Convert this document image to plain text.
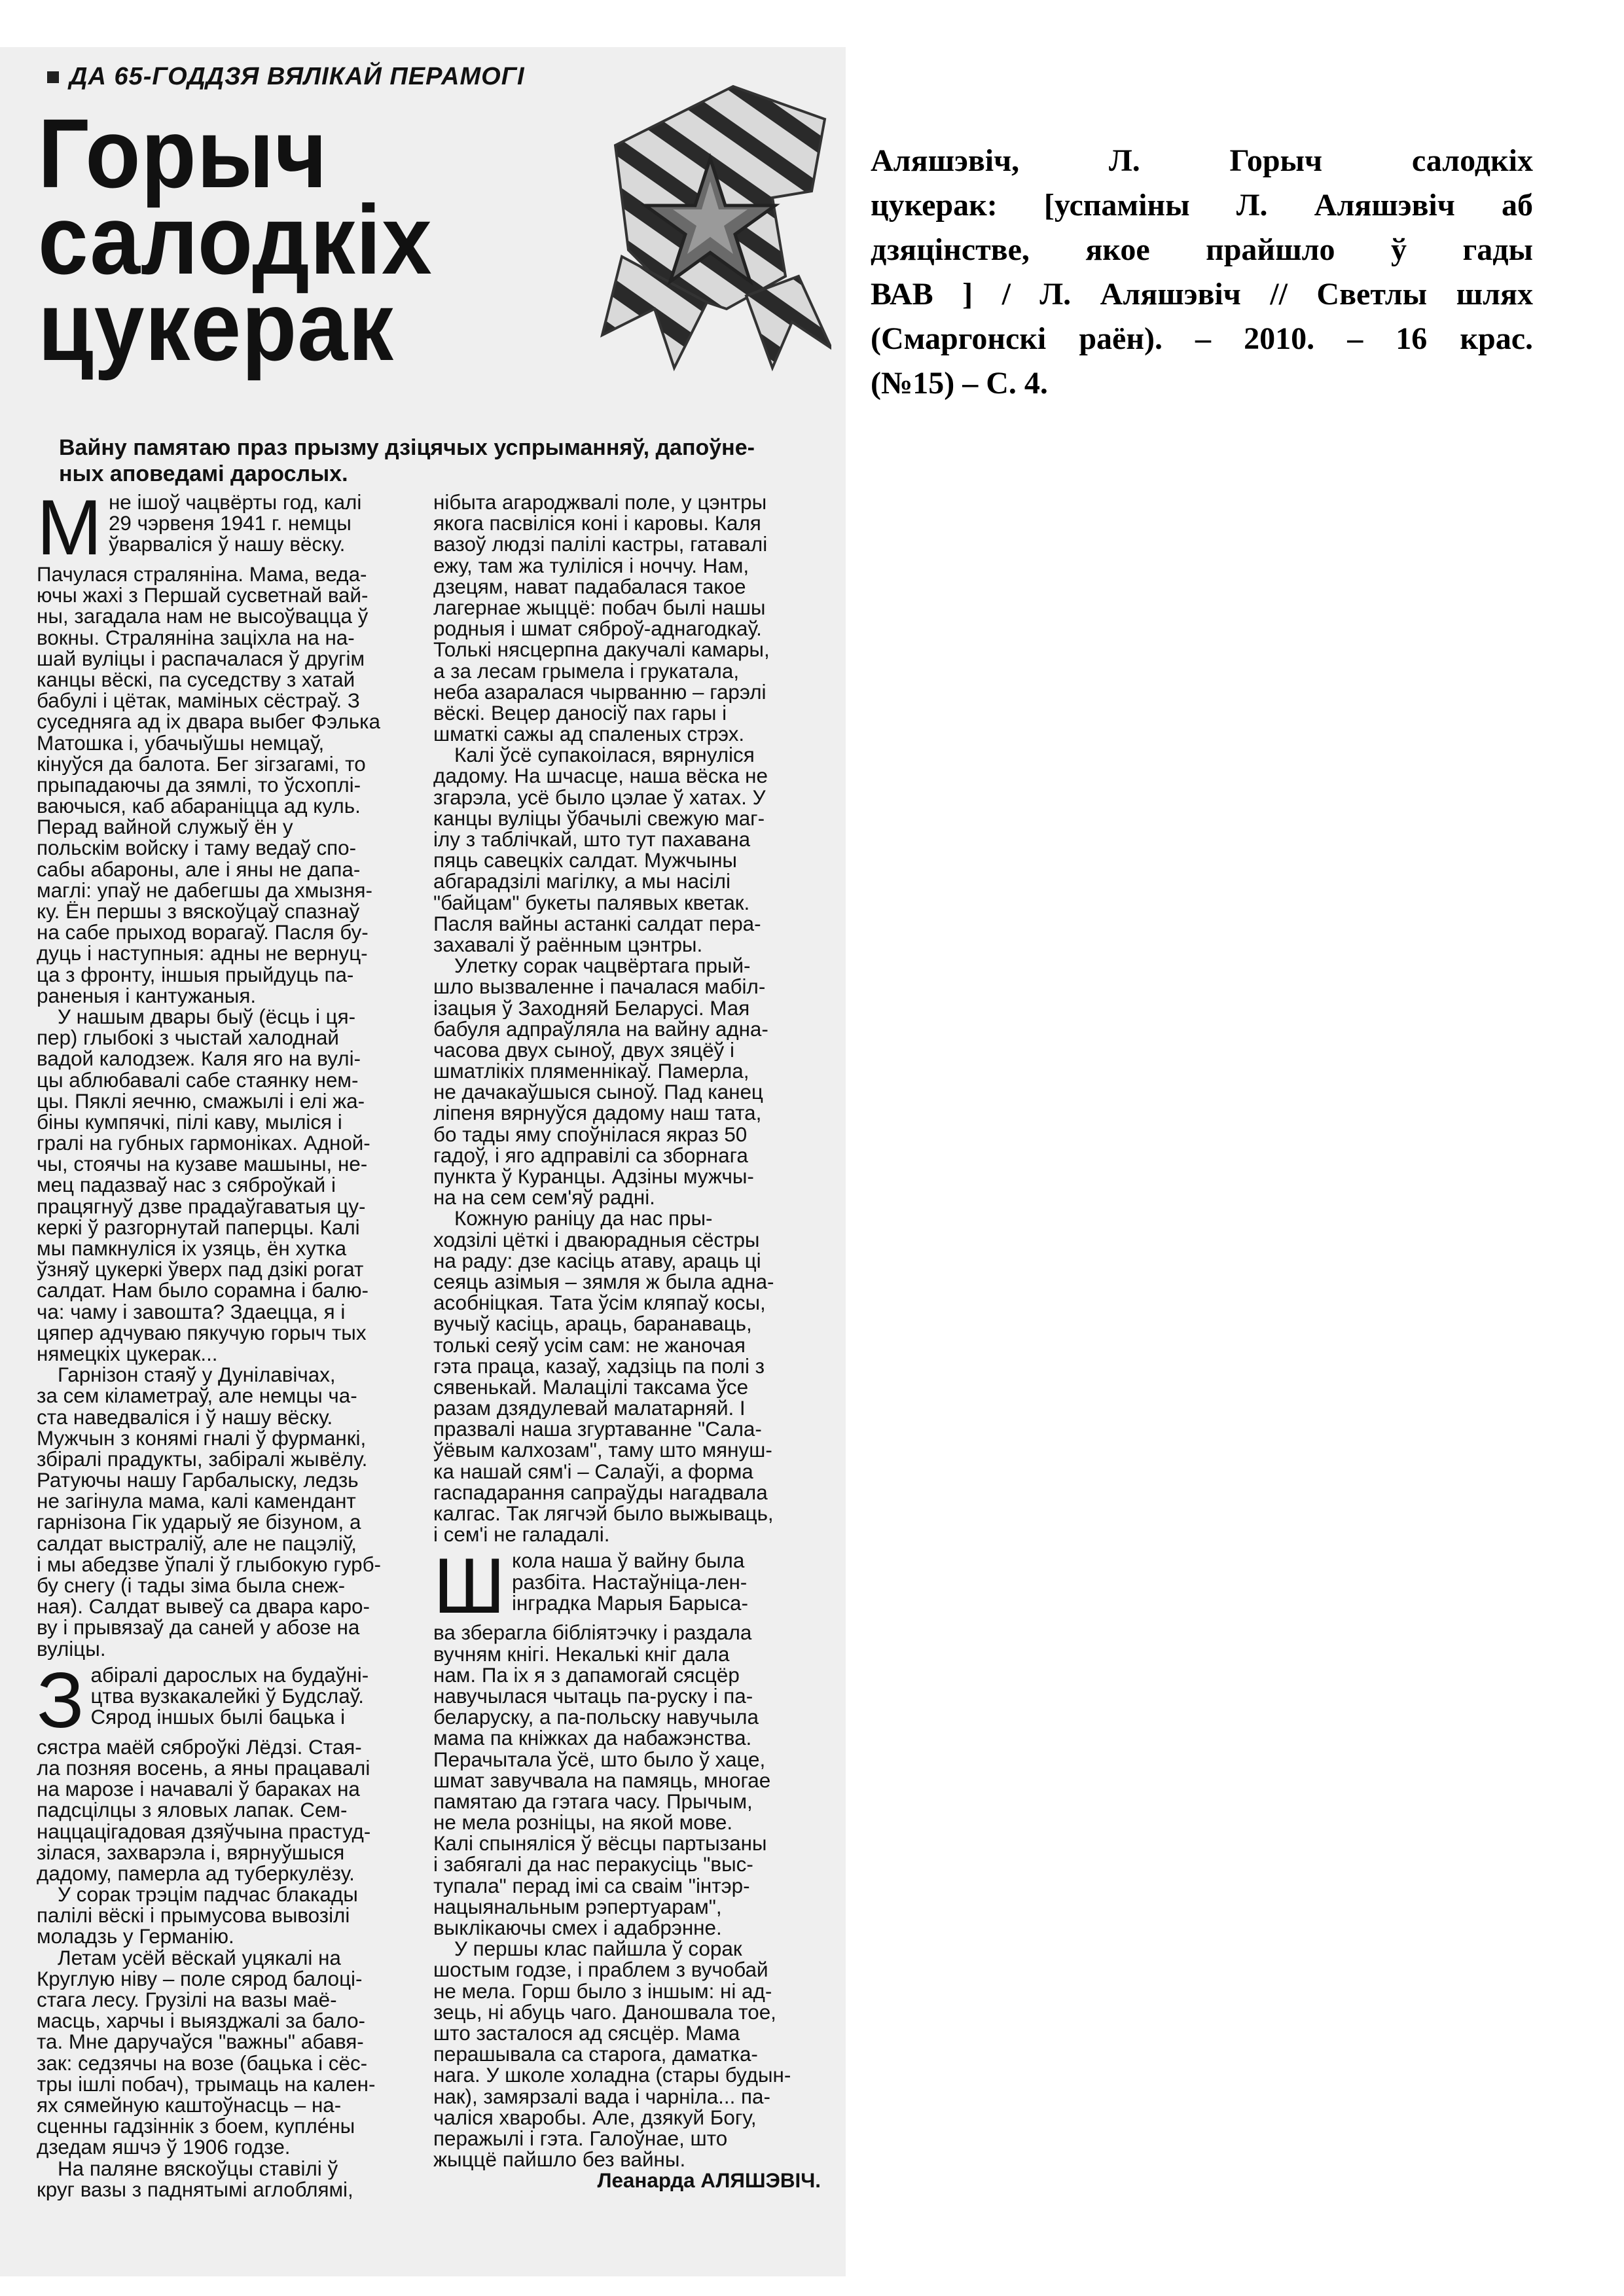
ДА 65-ГОДДЗЯ ВЯЛІКАЙ ПЕРАМОГІ
Горыч
салодкіх
цукерак
Вайну памятаю праз прызму дзіцячых успрыманняў, дапоўне-
ных аповедамі дарослых.
М не ішоў чацвёрты год, калі
29 чэрвеня 1941 г. немцы
ўварваліся ў нашу вёску.
Пачулася страляніна. Мама, веда-
ючы жахі з Першай сусветнай вай-
ны, загадала нам не высоўвацца ў
вокны. Страляніна заціхла на на-
шай вуліцы і распачалася ў другім
канцы вёскі, па суседству з хатай
бабулі і цётак, маміных сёстраў. З
суседняга ад іх двара выбег Фэлька
Матошка і, убачыўшы немцаў,
кінуўся да балота. Бег зігзагамі, то
прыпадаючы да зямлі, то ўсхоплі-
ваючыся, каб абараніцца ад куль.
Перад вайной служыў ён у
польскім войску і таму ведаў спо-
сабы абароны, але і яны не дапа-
маглі: упаў не дабегшы да хмызня-
ку. Ён першы з вяскоўцаў спазнаў
на сабе прыход ворагаў. Пасля бу-
дуць і наступныя: адны не вернуц-
ца з фронту, іншыя прыйдуць па-
раненыя і кантужаныя.
У нашым двары быў (ёсць і ця-
пер) глыбокі з чыстай халоднай
вадой калодзеж. Каля яго на вулі-
цы аблюбавалі сабе стаянку нем-
цы. Пяклі яечню, смажылі і елі жа-
біны кумпячкі, пілі каву, мыліся і
гралі на губных гармоніках. Адной-
чы, стоячы на кузаве машыны, не-
мец падазваў нас з сяброўкай і
працягнуў дзве прадаўгаватыя цу-
керкі ў разгорнутай паперцы. Калі
мы памкнуліся іх узяць, ён хутка
ўзняў цукеркі ўверх пад дзікі рогат
салдат. Нам было сорамна і балю-
ча: чаму і завошта? Здаецца, я і
цяпер адчуваю пякучую горыч тых
нямецкіх цукерак...
Гарнізон стаяў у Дунілавічах,
за сем кіламетраў, але немцы ча-
ста наведваліся і ў нашу вёску.
Мужчын з конямі гналі ў фурманкі,
збіралі прадукты, забіралі жывёлу.
Ратуючы нашу Гарбалыску, ледзь
не загінула мама, калі камендант
гарнізона Гік ударыў яе бізуном, а
салдат выстраліў, але не пацэліў,
і мы абедзве ўпалі ў глыбокую гурб-
бу снегу (і тады зіма была снеж-
ная). Салдат вывеў са двара каро-
ву і прывязаў да саней у абозе на
вуліцы.
З абіралі дарослых на будаўні-
цтва вузкакалейкі ў Будслаў.
Сярод іншых былі бацька і
сястра маёй сяброўкі Лёдзі. Стая-
ла позняя восень, а яны працавалі
на марозе і начавалі ў бараках на
падсцілцы з яловых лапак. Сем-
наццацігадовая дзяўчына прастуд-
зілася, захварэла і, вярнуўшыся
дадому, памерла ад туберкулёзу.
У сорак трэцім падчас блакады
палілі вёскі і прымусова вывозілі
моладзь у Германію.
Летам усёй вёскай уцякалі на
Круглую ніву – поле сярод балоці-
стага лесу. Грузілі на вазы маё-
масць, харчы і выязджалі за бало-
та. Мне даручаўся "важны" абавя-
зак: седзячы на возе (бацька і сёс-
тры ішлі побач), трымаць на кален-
ях сямейную каштоўнасць – на-
сценны гадзіннік з боем, купле́ны
дзедам яшчэ ў 1906 годзе.
На паляне вяскоўцы ставілі ў
круг вазы з паднятымі аглоблямі,
нібыта агароджвалі поле, у цэнтры
якога пасвіліся коні і каровы. Каля
вазоў людзі палілі кастры, гатавалі
ежу, там жа туліліся і ноччу. Нам,
дзецям, нават падабалася такое
лагернае жыццё: побач былі нашы
родныя і шмат сяброў-аднагодкаў.
Толькі нясцерпна дакучалі камары,
а за лесам грымела і грукатала,
неба азаралася чырванню – гарэлі
вёскі. Вецер даносіў пах гары і
шматкі сажы ад спаленых стрэх.
Калі ўсё супакоілася, вярнуліся
дадому. На шчасце, наша вёска не
згарэла, усё было цэлае ў хатах. У
канцы вуліцы ўбачылі свежую маг-
ілу з таблічкай, што тут пахавана
пяць савецкіх салдат. Мужчыны
абгарадзілі магілку, а мы насілі
"байцам" букеты палявых кветак.
Пасля вайны астанкі салдат пера-
захавалі ў раённым цэнтры.
Улетку сорак чацвёртага прый-
шло вызваленне і пачалася мабіл-
ізацыя ў Заходняй Беларусі. Мая
бабуля адпраўляла на вайну адна-
часова двух сыноў, двух зяцёў і
шматлікіх пляменнікаў. Памерла,
не дачакаўшыся сыноў. Пад канец
ліпеня вярнуўся дадому наш тата,
бо тады яму споўнілася якраз 50
гадоў, і яго адправілі са зборнага
пункта ў Куранцы. Адзіны мужчы-
на на сем сем'яў радні.
Кожную раніцу да нас пры-
ходзілі цёткі і дваюрадныя сёстры
на раду: дзе касіць атаву, араць ці
сеяць азімыя – зямля ж была адна-
асобніцкая. Тата ўсім кляпаў косы,
вучыў касіць, араць, баранаваць,
толькі сеяў усім сам: не жаночая
гэта праца, казаў, хадзіць па полі з
сявенькай. Малацілі таксама ўсе
разам дзядулевай малатарняй. І
празвалі наша згуртаванне "Сала-
ўёвым калхозам", таму што мянуш-
ка нашай сям'і – Салаўі, а форма
гаспадарання сапраўды нагадвала
калгас. Так лягчэй было выжываць,
і сем'і не галадалі.
Ш кола наша ў вайну была
разбіта. Настаўніца-лен-
інградка Марыя Барыса-
ва зберагла бібліятэчку і раздала
вучням кнігі. Некалькі кніг дала
нам. Па іх я з дапамогай сясцёр
навучылася чытаць па-руску і па-
беларуску, а па-польску навучыла
мама па кніжках да набажэнства.
Перачытала ўсё, што было ў хаце,
шмат завучвала на памяць, многае
памятаю да гэтага часу. Прычым,
не мела розніцы, на якой мове.
Калі спыняліся ў вёсцы партызаны
і забягалі да нас перакусіць "выс-
тупала" перад імі са сваім "інтэр-
нацыянальным рэпертуарам",
выклікаючы смех і адабрэнне.
У першы клас пайшла ў сорак
шостым годзе, і праблем з вучобай
не мела. Горш было з іншым: ні ад-
зець, ні абуць чаго. Даношвала тое,
што засталося ад сясцёр. Мама
перашывала са старога, даматка-
нага. У школе холадна (стары будын-
нак), замярзалі вада і чарніла... па-
чаліся хваробы. Але, дзякуй Богу,
перажылі і гэта. Галоўнае, што
жыццё пайшло без вайны.
Леанарда АЛЯШЭВІЧ.
Аляшэвіч, Л. Горыч салодкіх
цукерак: [успаміны Л. Аляшэвіч аб
дзяцінстве, якое прайшло ў гады
ВАВ ] / Л. Аляшэвіч // Светлы шлях
(Смаргонскі раён). – 2010. – 16 крас.
(№15) – С. 4.
